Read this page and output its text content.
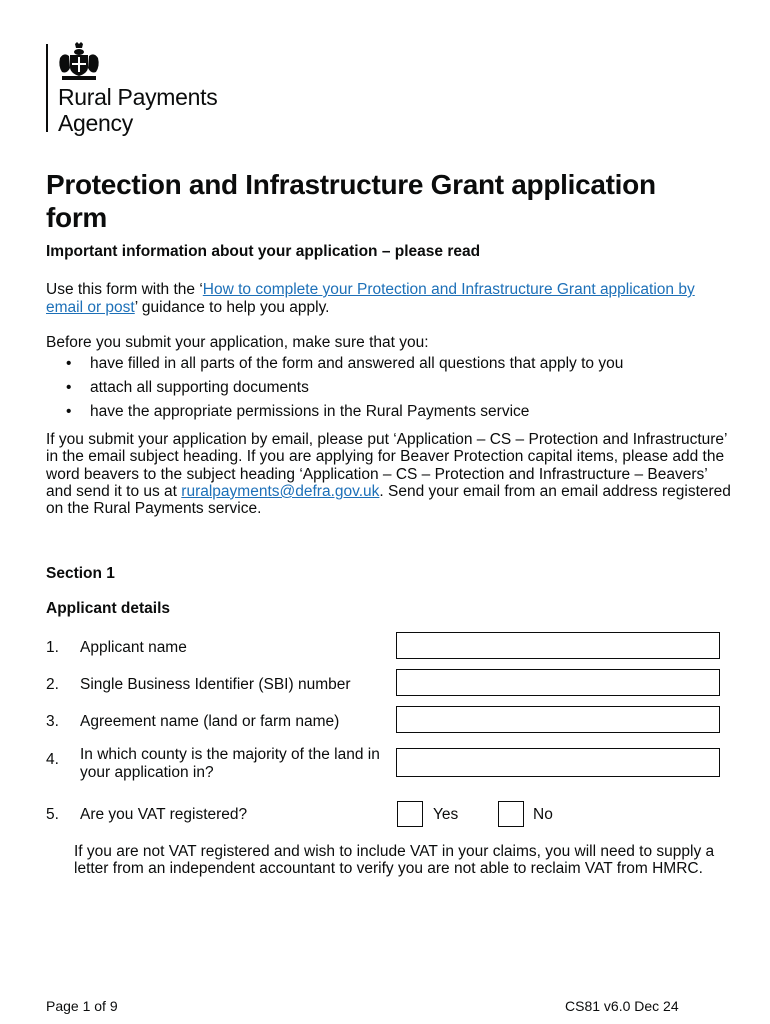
Rural Payments
Agency
Protection and Infrastructure Grant application form
Important information about your application – please read
Use this form with the ‘How to complete your Protection and Infrastructure Grant application by email or post’ guidance to help you apply.
Before you submit your application, make sure that you:
• have filled in all parts of the form and answered all questions that apply to you
• attach all supporting documents
• have the appropriate permissions in the Rural Payments service
If you submit your application by email, please put ‘Application – CS – Protection and Infrastructure’ in the email subject heading. If you are applying for Beaver Protection capital items, please add the word beavers to the subject heading ‘Application – CS – Protection and Infrastructure – Beavers’ and send it to us at ruralpayments@defra.gov.uk. Send your email from an email address registered on the Rural Payments service.
Section 1
Applicant details
1. Applicant name
2. Single Business Identifier (SBI) number
3. Agreement name (land or farm name)
4. In which county is the majority of the land in your application in?
5. Are you VAT registered?	Yes	No
If you are not VAT registered and wish to include VAT in your claims, you will need to supply a letter from an independent accountant to verify you are not able to reclaim VAT from HMRC.
Page 1 of 9	CS81 v6.0 Dec 24
